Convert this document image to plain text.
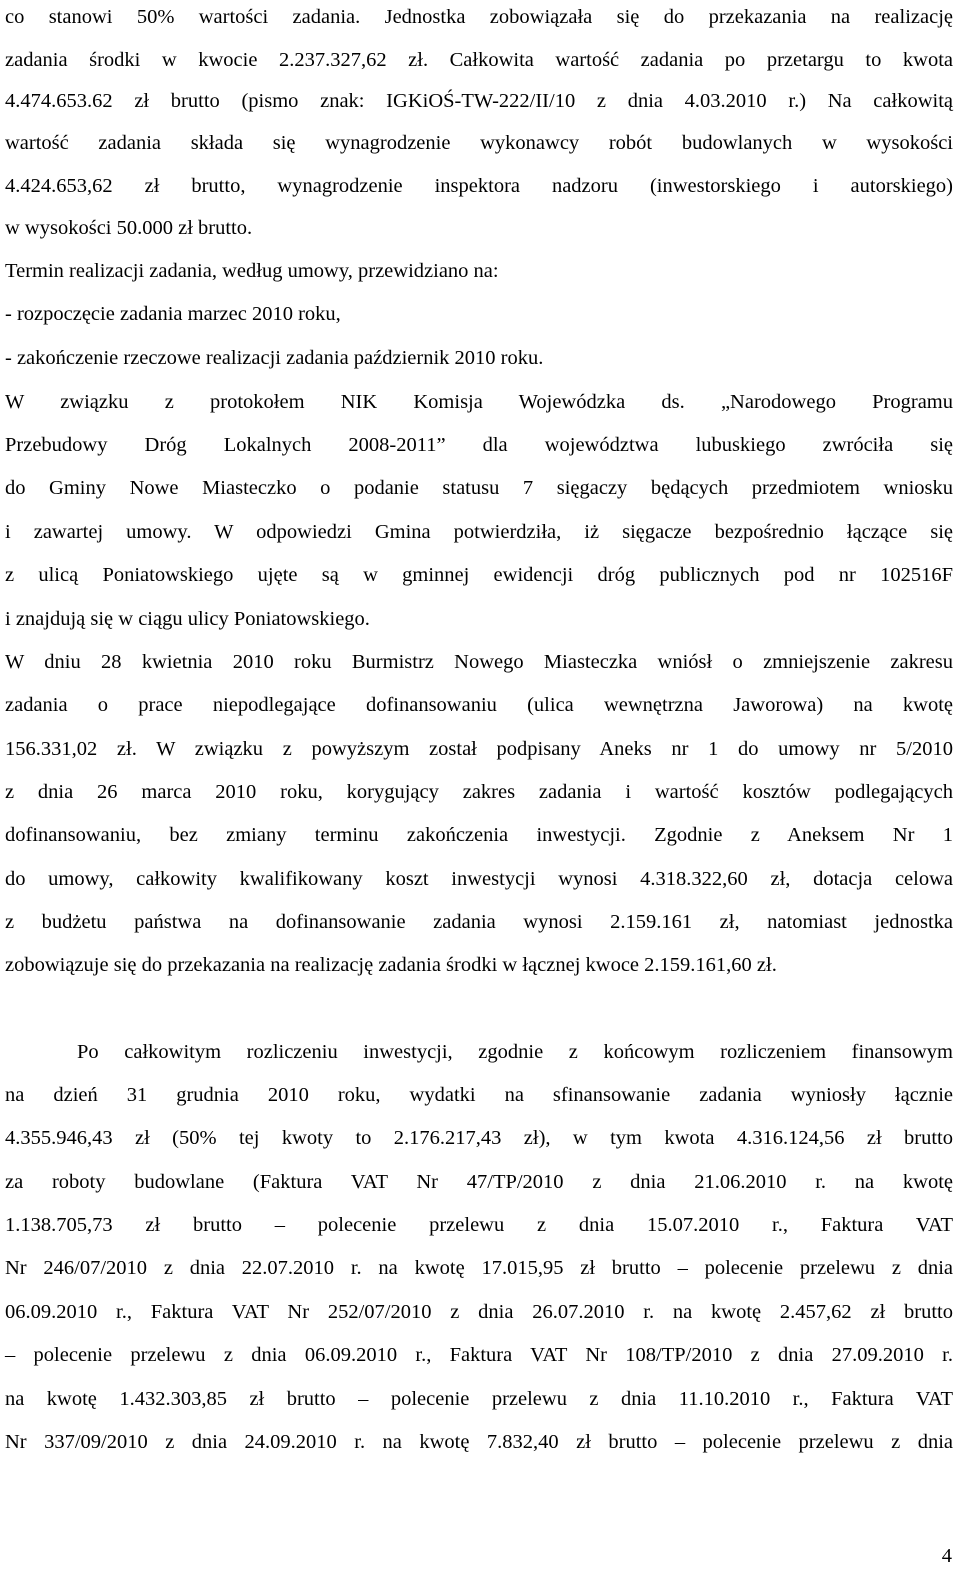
co stanowi 50% wartości zadania. Jednostka zobowiązała się do przekazania na realizację
zadania środki w kwocie 2.237.327,62 zł. Całkowita wartość zadania po przetargu to kwota
4.474.653.62 zł brutto (pismo znak: IGKiOŚ-TW-222/II/10 z dnia 4.03.2010 r.) Na całkowitą
wartość zadania składa się wynagrodzenie wykonawcy robót budowlanych w wysokości
4.424.653,62 zł brutto, wynagrodzenie inspektora nadzoru (inwestorskiego i autorskiego)
w wysokości 50.000 zł brutto.
Termin realizacji zadania, według umowy, przewidziano na:
- rozpoczęcie zadania marzec 2010 roku,
- zakończenie rzeczowe realizacji zadania październik 2010 roku.
W związku z protokołem NIK Komisja Wojewódzka ds. „Narodowego Programu
Przebudowy Dróg Lokalnych 2008-2011” dla województwa lubuskiego zwróciła się
do Gminy Nowe Miasteczko o podanie statusu 7 sięgaczy będących przedmiotem wniosku
i zawartej umowy. W odpowiedzi Gmina potwierdziła, iż sięgacze bezpośrednio łączące się
z ulicą Poniatowskiego ujęte są w gminnej ewidencji dróg publicznych pod nr 102516F
i znajdują się w ciągu ulicy Poniatowskiego.
W dniu 28 kwietnia 2010 roku Burmistrz Nowego Miasteczka wniósł o zmniejszenie zakresu
zadania o prace niepodlegające dofinansowaniu (ulica wewnętrzna Jaworowa) na kwotę
156.331,02 zł. W związku z powyższym został podpisany Aneks nr 1 do umowy nr 5/2010
z dnia 26 marca 2010 roku, korygujący zakres zadania i wartość kosztów podlegających
dofinansowaniu, bez zmiany terminu zakończenia inwestycji. Zgodnie z Aneksem Nr 1
do umowy, całkowity kwalifikowany koszt inwestycji wynosi 4.318.322,60 zł, dotacja celowa
z budżetu państwa na dofinansowanie zadania wynosi 2.159.161 zł, natomiast jednostka
zobowiązuje się do przekazania na realizację zadania środki w łącznej kwoce 2.159.161,60 zł.
Po całkowitym rozliczeniu inwestycji, zgodnie z końcowym rozliczeniem finansowym
na dzień 31 grudnia 2010 roku, wydatki na sfinansowanie zadania wyniosły łącznie
4.355.946,43 zł (50% tej kwoty to 2.176.217,43 zł), w tym kwota 4.316.124,56 zł brutto
za roboty budowlane (Faktura VAT Nr 47/TP/2010 z dnia 21.06.2010 r. na kwotę
1.138.705,73 zł brutto – polecenie przelewu z dnia 15.07.2010 r., Faktura VAT
Nr 246/07/2010 z dnia 22.07.2010 r. na kwotę 17.015,95 zł brutto – polecenie przelewu z dnia
06.09.2010 r., Faktura VAT Nr 252/07/2010 z dnia 26.07.2010 r. na kwotę 2.457,62 zł brutto
– polecenie przelewu z dnia 06.09.2010 r., Faktura VAT Nr 108/TP/2010 z dnia 27.09.2010 r.
na kwotę 1.432.303,85 zł brutto – polecenie przelewu z dnia 11.10.2010 r., Faktura VAT
Nr 337/09/2010 z dnia 24.09.2010 r. na kwotę 7.832,40 zł brutto – polecenie przelewu z dnia
4
